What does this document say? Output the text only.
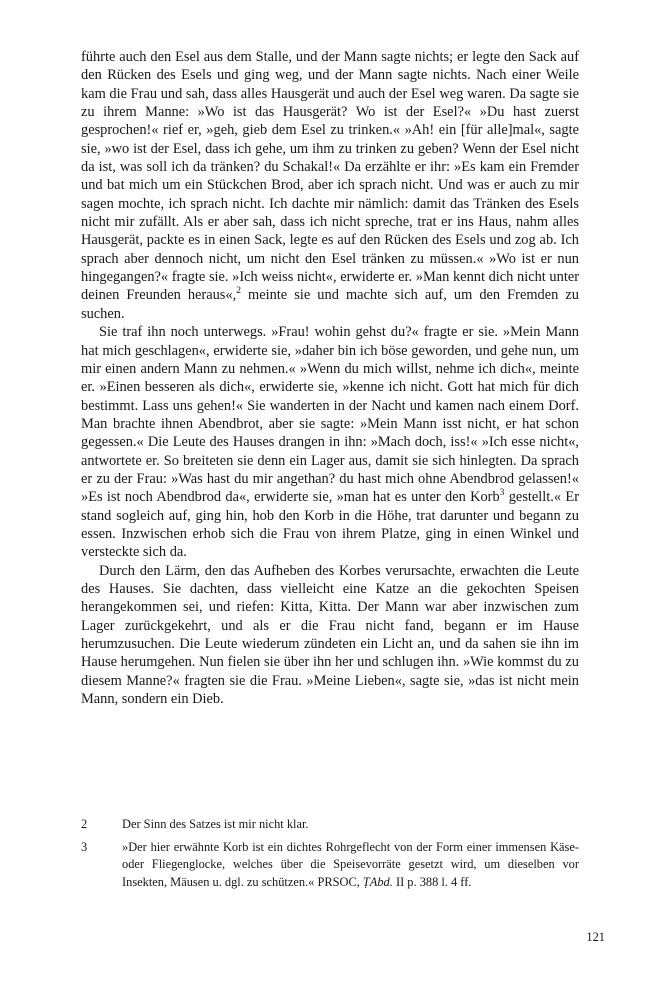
führte auch den Esel aus dem Stalle, und der Mann sagte nichts; er legte den Sack auf den Rücken des Esels und ging weg, und der Mann sagte nichts. Nach einer Weile kam die Frau und sah, dass alles Hausgerät und auch der Esel weg waren. Da sagte sie zu ihrem Manne: »Wo ist das Hausgerät? Wo ist der Esel?« »Du hast zuerst gesprochen!« rief er, »geh, gieb dem Esel zu trinken.« »Ah! ein [für alle]mal«, sagte sie, »wo ist der Esel, dass ich gehe, um ihm zu trinken zu geben? Wenn der Esel nicht da ist, was soll ich da tränken? du Schakal!« Da erzählte er ihr: »Es kam ein Fremder und bat mich um ein Stückchen Brod, aber ich sprach nicht. Und was er auch zu mir sagen mochte, ich sprach nicht. Ich dachte mir nämlich: damit das Tränken des Esels nicht mir zufällt. Als er aber sah, dass ich nicht spreche, trat er ins Haus, nahm alles Hausgerät, packte es in einen Sack, legte es auf den Rücken des Esels und zog ab. Ich sprach aber dennoch nicht, um nicht den Esel tränken zu müssen.« »Wo ist er nun hingegangen?« fragte sie. »Ich weiss nicht«, erwiderte er. »Man kennt dich nicht unter deinen Freunden heraus«,$^2$ meinte sie und machte sich auf, um den Fremden zu suchen.

Sie traf ihn noch unterwegs. »Frau! wohin gehst du?« fragte er sie. »Mein Mann hat mich geschlagen«, erwiderte sie, »daher bin ich böse geworden, und gehe nun, um mir einen andern Mann zu nehmen.« »Wenn du mich willst, nehme ich dich«, meinte er. »Einen besseren als dich«, erwiderte sie, »kenne ich nicht. Gott hat mich für dich bestimmt. Lass uns gehen!« Sie wanderten in der Nacht und kamen nach einem Dorf. Man brachte ihnen Abendbrot, aber sie sagte: »Mein Mann isst nicht, er hat schon gegessen.« Die Leute des Hauses drangen in ihn: »Mach doch, iss!« »Ich esse nicht«, antwortete er. So breiteten sie denn ein Lager aus, damit sie sich hinlegten. Da sprach er zu der Frau: »Was hast du mir angethan? du hast mich ohne Abendbrod gelassen!« »Es ist noch Abendbrod da«, erwiderte sie, »man hat es unter den Korb$^3$ gestellt.« Er stand sogleich auf, ging hin, hob den Korb in die Höhe, trat darunter und begann zu essen. Inzwischen erhob sich die Frau von ihrem Platze, ging in einen Winkel und versteckte sich da.

Durch den Lärm, den das Aufheben des Korbes verursachte, erwachten die Leute des Hauses. Sie dachten, dass vielleicht eine Katze an die gekochten Speisen herangekommen sei, und riefen: Kitta, Kitta. Der Mann war aber inzwischen zum Lager zurückgekehrt, und als er die Frau nicht fand, begann er im Hause herumzusuchen. Die Leute wiederum zündeten ein Licht an, und da sahen sie ihn im Hause herumgehen. Nun fielen sie über ihn her und schlugen ihn. »Wie kommst du zu diesem Manne?« fragten sie die Frau. »Meine Lieben«, sagte sie, »das ist nicht mein Mann, sondern ein Dieb.

2	Der Sinn des Satzes ist mir nicht klar.
3	»Der hier erwähnte Korb ist ein dichtes Rohrgeflecht von der Form einer immensen Käse- oder Fliegenglocke, welches über die Speisevorräte gesetzt wird, um dieselben vor Insekten, Mäusen u. dgl. zu schützen.« PRSOC, ṬAbd. II p. 388 l. 4 ff.
121
